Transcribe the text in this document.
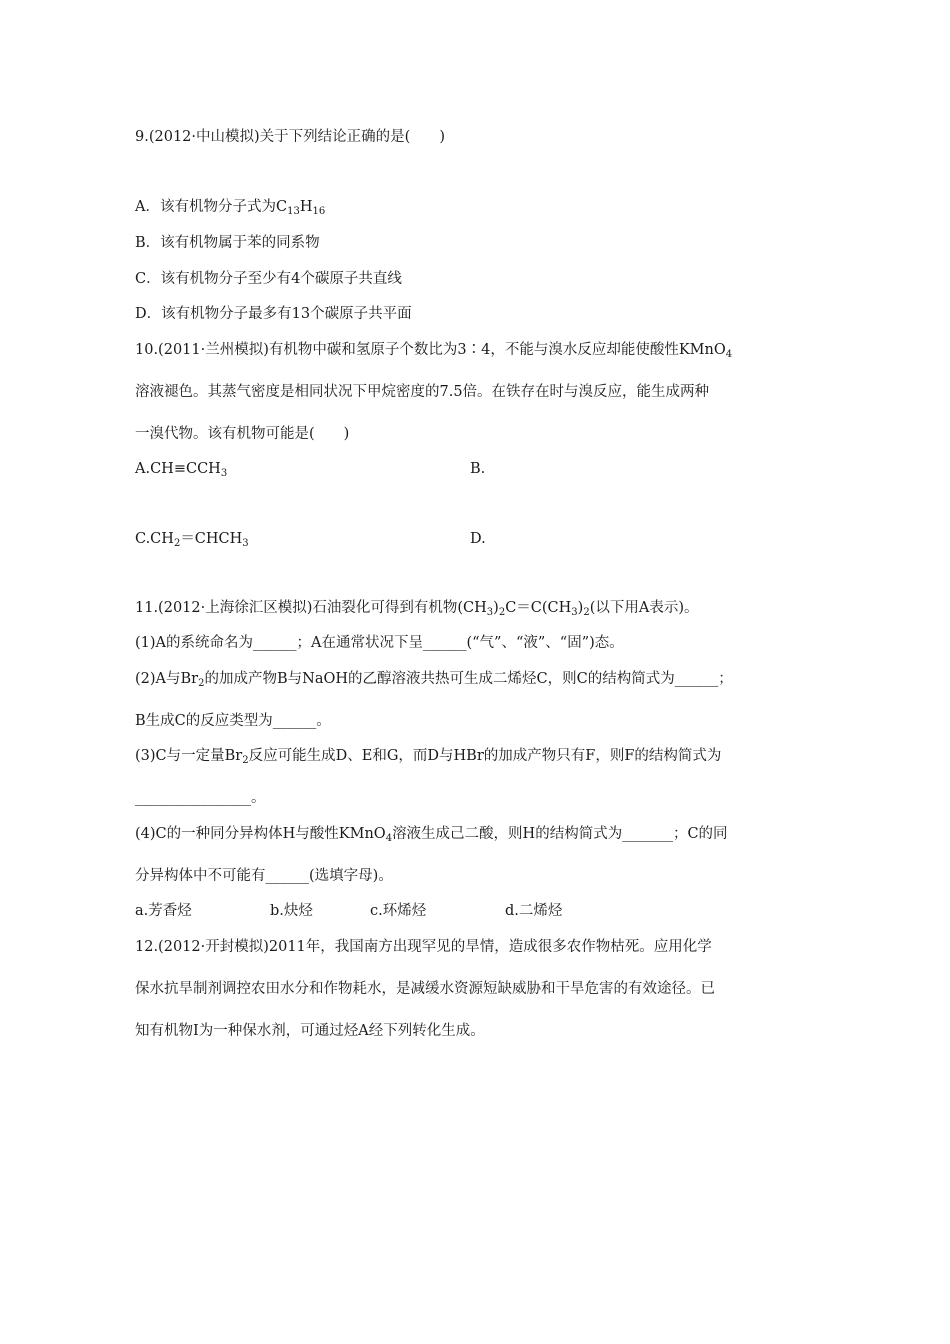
9.(2012·中山模拟)关于下列结论正确的是(　　)
A．该有机物分子式为$C_{13}H_{16}$
B．该有机物属于苯的同系物
C．该有机物分子至少有4个碳原子共直线
D．该有机物分子最多有13个碳原子共平面
10.(2011·兰州模拟)有机物中碳和氢原子个数比为3∶4，不能与溴水反应却能使酸性KMnO$_4$
溶液褪色。其蒸气密度是相同状况下甲烷密度的7.5倍。在铁存在时与溴反应，能生成两种
一溴代物。该有机物可能是(　　)
$A.CH\equiv CCH_3$	B.
$C.CH_2=CHCH_3$	D.
11.(2012·上海徐汇区模拟)石油裂化可得到有机物$(CH_3)_2C=C(CH_3)_2$(以下用A表示)。
(1)A的系统命名为______；A在通常状况下呈______(“气”、“液”、“固”)态。
(2)A与$Br_2$的加成产物B与NaOH的乙醇溶液共热可生成二烯烃C，则C的结构简式为______；
B生成C的反应类型为______。
(3)C与一定量$Br_2$反应可能生成D、E和G，而D与HBr的加成产物只有F，则F的结构简式为
________________。
(4)C的一种同分异构体H与酸性KMnO$_4$溶液生成己二酸，则H的结构简式为_______；C的同
分异构体中不可能有______(选填字母)。
a.芳香烃	b.炔烃	c.环烯烃	d.二烯烃
12.(2012·开封模拟)2011年，我国南方出现罕见的旱情，造成很多农作物枯死。应用化学
保水抗旱制剂调控农田水分和作物耗水，是减缓水资源短缺威胁和干旱危害的有效途径。已
知有机物I为一种保水剂，可通过烃A经下列转化生成。
